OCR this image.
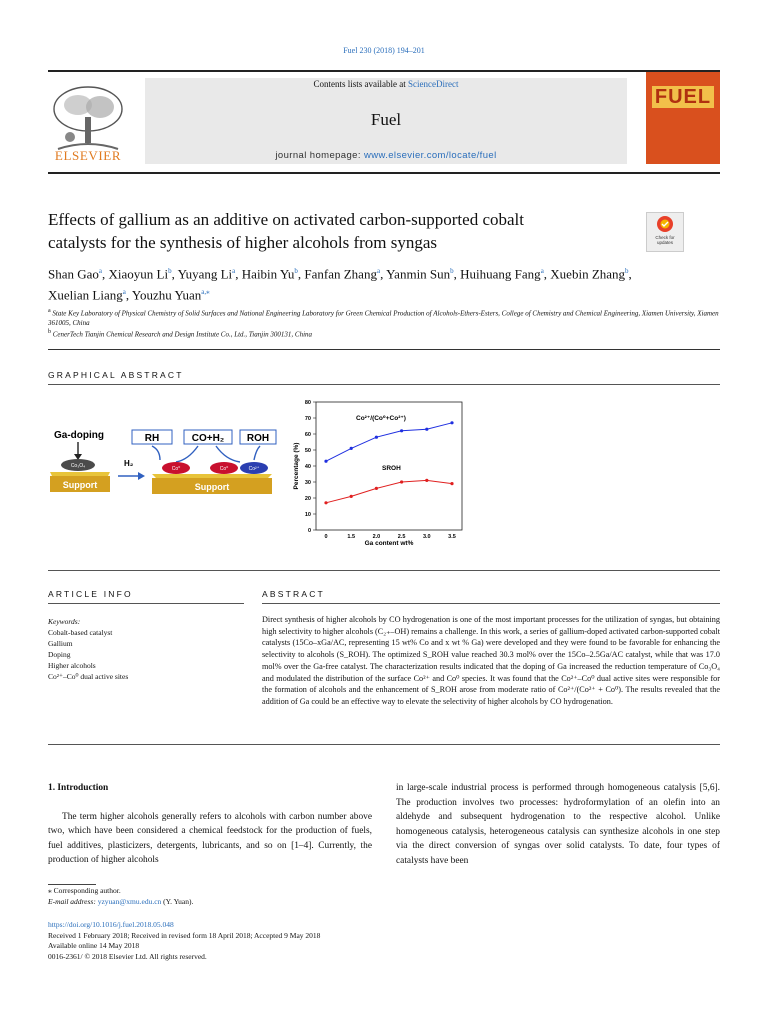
Fuel 230 (2018) 194–201
Contents lists available at ScienceDirect
Fuel
journal homepage: www.elsevier.com/locate/fuel
ELSEVIER
FUEL
Effects of gallium as an additive on activated carbon-supported cobalt
catalysts for the synthesis of higher alcohols from syngas	Check for updates
Shan Gao$^a$, Xiaoyun Li$^b$, Yuyang Li$^a$, Haibin Yu$^b$, Fanfan Zhang$^a$, Yanmin Sun$^b$, Huihuang Fang$^a$, Xuebin Zhang$^b$, Xuelian Liang$^a$, Youzhu Yuan$^{a,⁎}$
$^a$ State Key Laboratory of Physical Chemistry of Solid Surfaces and National Engineering Laboratory for Green Chemical Production of Alcohols-Ethers-Esters, College of Chemistry and Chemical Engineering, Xiamen University, Xiamen 361005, China
$^b$ CenerTech Tianjin Chemical Research and Design Institute Co., Ltd., Tianjin 300131, China
GRAPHICAL ABSTRACT
Ga-doping
Co₃O₄
Support
H₂
RH	CO+H₂ ROH
Co⁰	Co⁰	Co²⁺
Support
0
10
20
30
40
50
60
70
80
0	1.5	2.0	2.5	3.0	3.5
Percentage (%)
Ga content wt%
Co²⁺/(Co⁰+Co²⁺)
SROH
ARTICLE INFO	ABSTRACT
Keywords:
Cobalt-based catalyst
Gallium
Doping
Higher alcohols
Co²⁺–Co⁰ dual active sites
Direct synthesis of higher alcohols by CO hydrogenation is one of the most important processes for the utilization of syngas, but obtaining high selectivity to higher alcohols (C₂₊–OH) remains a challenge. In this work, a series of gallium-doped activated carbon-supported cobalt catalysts (15Co–xGa/AC, representing 15 wt% Co and x wt % Ga) were developed and they were found to be favorable for enhancing the selectivity to alcohols (S_ROH). The optimized S_ROH value reached 30.3 mol% over the 15Co–2.5Ga/AC catalyst, while that was 17.0 mol% over the Ga-free catalyst. The characterization results indicated that the doping of Ga increased the reduction temperature of Co₃O₄ and modulated the distribution of the surface Co²⁺ and Co⁰ species. It was found that the Co²⁺–Co⁰ dual active sites were responsible for the formation of alcohols and the enhancement of S_ROH arose from moderate ratio of Co²⁺/(Co²⁺ + Co⁰). The results revealed that the addition of Ga could be an effective way to elevate the selectivity of higher alcohols by CO hydrogenation.
1. Introduction
The term higher alcohols generally refers to alcohols with carbon number above two, which have been considered a chemical feedstock for the production of fuels, fuel additives, plasticizers, detergents, lubricants, and so on [1–4]. Currently, the production of higher alcohols
in large-scale industrial process is performed through homogeneous catalysis [5,6]. The production involves two processes: hydroformylation of an olefin into an aldehyde and subsequent hydrogenation to the respective alcohol. Unlike homogeneous catalysis, heterogeneous catalysis can synthesize alcohols in one step via the direct conversion of syngas over solid catalysts. To date, four types of catalysts have been
⁎ Corresponding author.
E-mail address: yzyuan@xmu.edu.cn (Y. Yuan).
https://doi.org/10.1016/j.fuel.2018.05.048
Received 1 February 2018; Received in revised form 18 April 2018; Accepted 9 May 2018
Available online 14 May 2018
0016-2361/ © 2018 Elsevier Ltd. All rights reserved.
